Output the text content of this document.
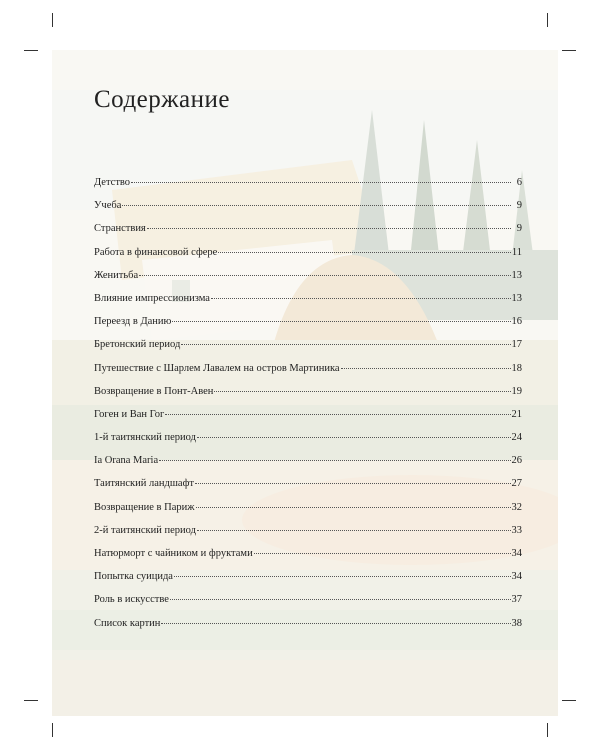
Содержание
Детство	6
Учеба	9
Странствия	9
Работа в финансовой сфере	11
Женитьба	13
Влияние импрессионизма	13
Переезд в Данию	16
Бретонский период	17
Путешествие с Шарлем Лавалем на остров Мартиника	18
Возвращение в Понт-Авен	19
Гоген и Ван Гог	21
1-й таитянский период	24
Ia Orana Maria	26
Таитянский ландшафт	27
Возвращение в Париж	32
2-й таитянский период	33
Натюрморт с чайником и фруктами	34
Попытка суицида	34
Роль в искусстве	37
Список картин	38
